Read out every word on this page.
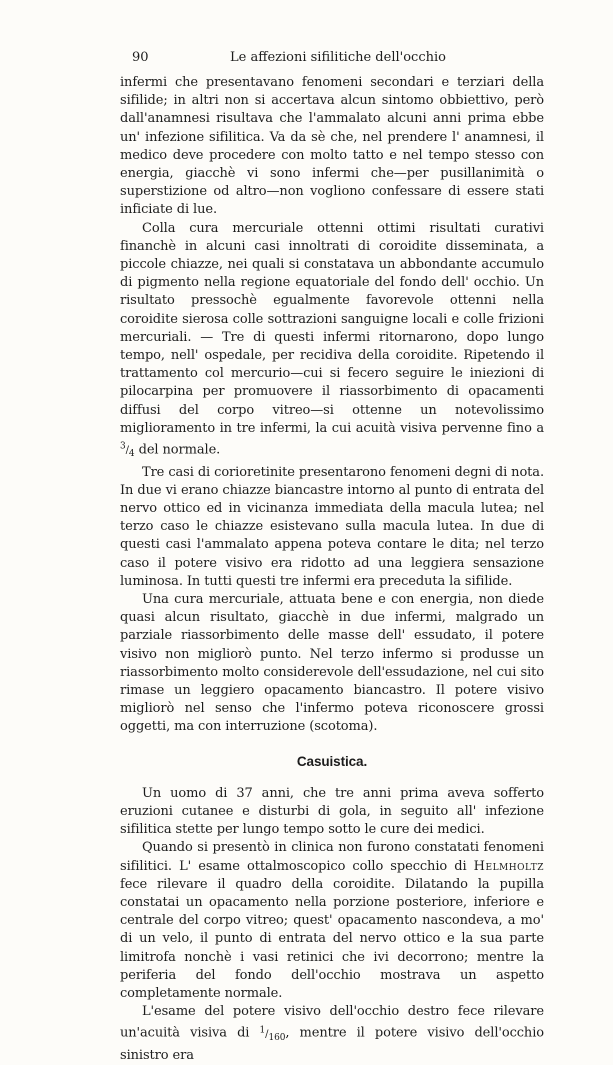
90	Le affezioni sifilitiche dell'occhio

infermi che presentavano fenomeni secondari e terziari della sifilide; in altri non si accertava alcun sintomo obbiettivo, però dall'anamnesi risultava che l'ammalato alcuni anni prima ebbe un' infezione sifilitica. Va da sè che, nel prendere l' anamnesi, il medico deve procedere con molto tatto e nel tempo stesso con energia, giacchè vi sono infermi che—per pusillanimità o superstizione od altro—non vogliono confessare di essere stati inficiate di lue.

Colla cura mercuriale ottenni ottimi risultati curativi financhè in alcuni casi innoltrati di coroidite disseminata, a piccole chiazze, nei quali si constatava un abbondante accumulo di pigmento nella regione equatoriale del fondo dell' occhio. Un risultato pressochè egualmente favorevole ottenni nella coroidite sierosa colle sottrazioni sanguigne locali e colle frizioni mercuriali. — Tre di questi infermi ritornarono, dopo lungo tempo, nell' ospedale, per recidiva della coroidite. Ripetendo il trattamento col mercurio—cui si fecero seguire le iniezioni di pilocarpina per promuovere il riassorbimento di opacamenti diffusi del corpo vitreo—si ottenne un notevolissimo miglioramento in tre infermi, la cui acuità visiva pervenne fino a $^3/_4$ del normale.

Tre casi di corioretinite presentarono fenomeni degni di nota. In due vi erano chiazze biancastre intorno al punto di entrata del nervo ottico ed in vicinanza immediata della macula lutea; nel terzo caso le chiazze esistevano sulla macula lutea. In due di questi casi l'ammalato appena poteva contare le dita; nel terzo caso il potere visivo era ridotto ad una leggiera sensazione luminosa. In tutti questi tre infermi era preceduta la sifilide.

Una cura mercuriale, attuata bene e con energia, non diede quasi alcun risultato, giacchè in due infermi, malgrado un parziale riassorbimento delle masse dell' essudato, il potere visivo non migliorò punto. Nel terzo infermo si produsse un riassorbimento molto considerevole dell'essudazione, nel cui sito rimase un leggiero opacamento biancastro. Il potere visivo migliorò nel senso che l'infermo poteva riconoscere grossi oggetti, ma con interruzione (scotoma).

Casuistica.

Un uomo di 37 anni, che tre anni prima aveva sofferto eruzioni cutanee e disturbi di gola, in seguito all' infezione sifilitica stette per lungo tempo sotto le cure dei medici.

Quando si presentò in clinica non furono constatati fenomeni sifilitici. L' esame ottalmoscopico collo specchio di Helmholtz fece rilevare il quadro della coroidite. Dilatando la pupilla constatai un opacamento nella porzione posteriore, inferiore e centrale del corpo vitreo; quest' opacamento nascondeva, a mo' di un velo, il punto di entrata del nervo ottico e la sua parte limitrofa nonchè i vasi retinici che ivi decorrono; mentre la periferia del fondo dell'occhio mostrava un aspetto completamente normale.

L'esame del potere visivo dell'occhio destro fece rilevare un'acuità visiva di $^1/_{160}$, mentre il potere visivo dell'occhio sinistro era
